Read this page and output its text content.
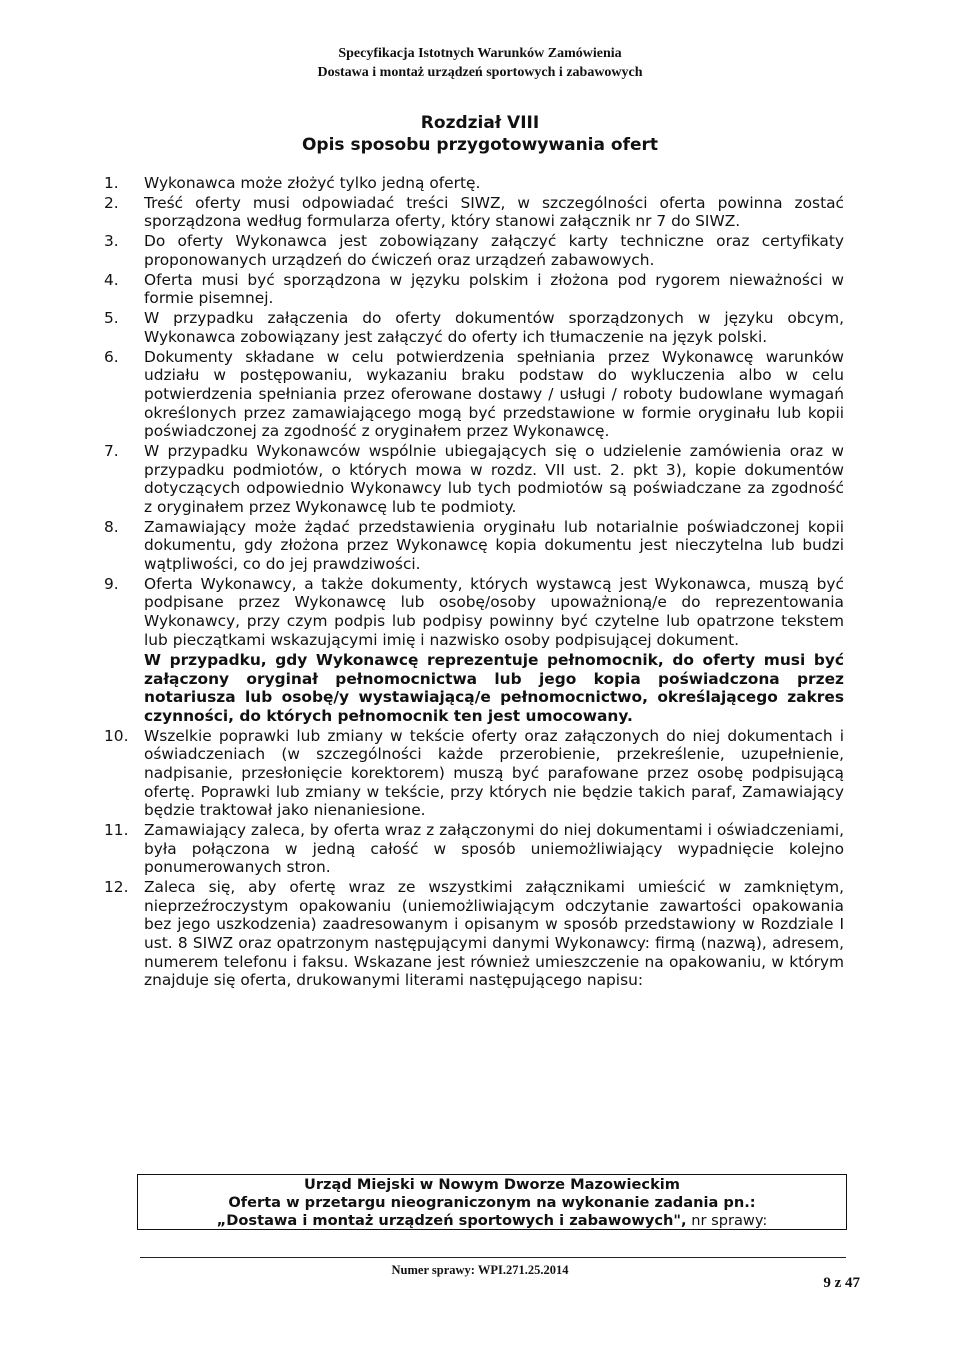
Specyfikacja Istotnych Warunków Zamówienia
Dostawa i montaż urządzeń sportowych i zabawowych
Rozdział VIII
Opis sposobu przygotowywania ofert
1.	Wykonawca może złożyć tylko jedną ofertę.
2.	Treść oferty musi odpowiadać treści SIWZ, w szczególności oferta powinna zostać sporządzona według formularza oferty, który stanowi załącznik nr 7 do SIWZ.
3.	Do oferty Wykonawca jest zobowiązany załączyć karty techniczne oraz certyfikaty proponowanych urządzeń do ćwiczeń oraz urządzeń zabawowych.
4.	Oferta musi być sporządzona w języku polskim i złożona pod rygorem nieważności w formie pisemnej.
5.	W przypadku załączenia do oferty dokumentów sporządzonych w języku obcym, Wykonawca zobowiązany jest załączyć do oferty ich tłumaczenie na język polski.
6.	Dokumenty składane w celu potwierdzenia spełniania przez Wykonawcę warunków udziału w postępowaniu, wykazaniu braku podstaw do wykluczenia albo w celu potwierdzenia spełniania przez oferowane dostawy / usługi / roboty budowlane wymagań określonych przez zamawiającego mogą być przedstawione w formie oryginału lub kopii poświadczonej za zgodność z oryginałem przez Wykonawcę.
7.	W przypadku Wykonawców wspólnie ubiegających się o udzielenie zamówienia oraz w przypadku podmiotów, o których mowa w rozdz. VII ust. 2. pkt 3), kopie dokumentów dotyczących odpowiednio Wykonawcy lub tych podmiotów są poświadczane za zgodność z oryginałem przez Wykonawcę lub te podmioty.
8.	Zamawiający może żądać przedstawienia oryginału lub notarialnie poświadczonej kopii dokumentu, gdy złożona przez Wykonawcę kopia dokumentu jest nieczytelna lub budzi wątpliwości, co do jej prawdziwości.
9.	Oferta Wykonawcy, a także dokumenty, których wystawcą jest Wykonawca, muszą być podpisane przez Wykonawcę lub osobę/osoby upoważnioną/e do reprezentowania Wykonawcy, przy czym podpis lub podpisy powinny być czytelne lub opatrzone tekstem lub pieczątkami wskazującymi imię i nazwisko osoby podpisującej dokument.
W przypadku, gdy Wykonawcę reprezentuje pełnomocnik, do oferty musi być załączony oryginał pełnomocnictwa lub jego kopia poświadczona przez notariusza lub osobę/y wystawiającą/e pełnomocnictwo, określającego zakres czynności, do których pełnomocnik ten jest umocowany.
10.	Wszelkie poprawki lub zmiany w tekście oferty oraz załączonych do niej dokumentach i oświadczeniach (w szczególności każde przerobienie, przekreślenie, uzupełnienie, nadpisanie, przesłonięcie korektorem) muszą być parafowane przez osobę podpisującą ofertę. Poprawki lub zmiany w tekście, przy których nie będzie takich paraf, Zamawiający będzie traktował jako nienaniesione.
11.	Zamawiający zaleca, by oferta wraz z załączonymi do niej dokumentami i oświadczeniami, była połączona w jedną całość w sposób uniemożliwiający wypadnięcie kolejno ponumerowanych stron.
12.	Zaleca się, aby ofertę wraz ze wszystkimi załącznikami umieścić w zamkniętym, nieprzeźroczystym opakowaniu (uniemożliwiającym odczytanie zawartości opakowania bez jego uszkodzenia) zaadresowanym i opisanym w sposób przedstawiony w Rozdziale I ust. 8 SIWZ oraz opatrzonym następującymi danymi Wykonawcy: firmą (nazwą), adresem, numerem telefonu i faksu. Wskazane jest również umieszczenie na opakowaniu, w którym znajduje się oferta, drukowanymi literami następującego napisu:
Urząd Miejski w Nowym Dworze Mazowieckim
Oferta w przetargu nieograniczonym na wykonanie zadania pn.:
„Dostawa i montaż urządzeń sportowych i zabawowych", nr sprawy:
Numer sprawy: WPI.271.25.2014
9 z 47
